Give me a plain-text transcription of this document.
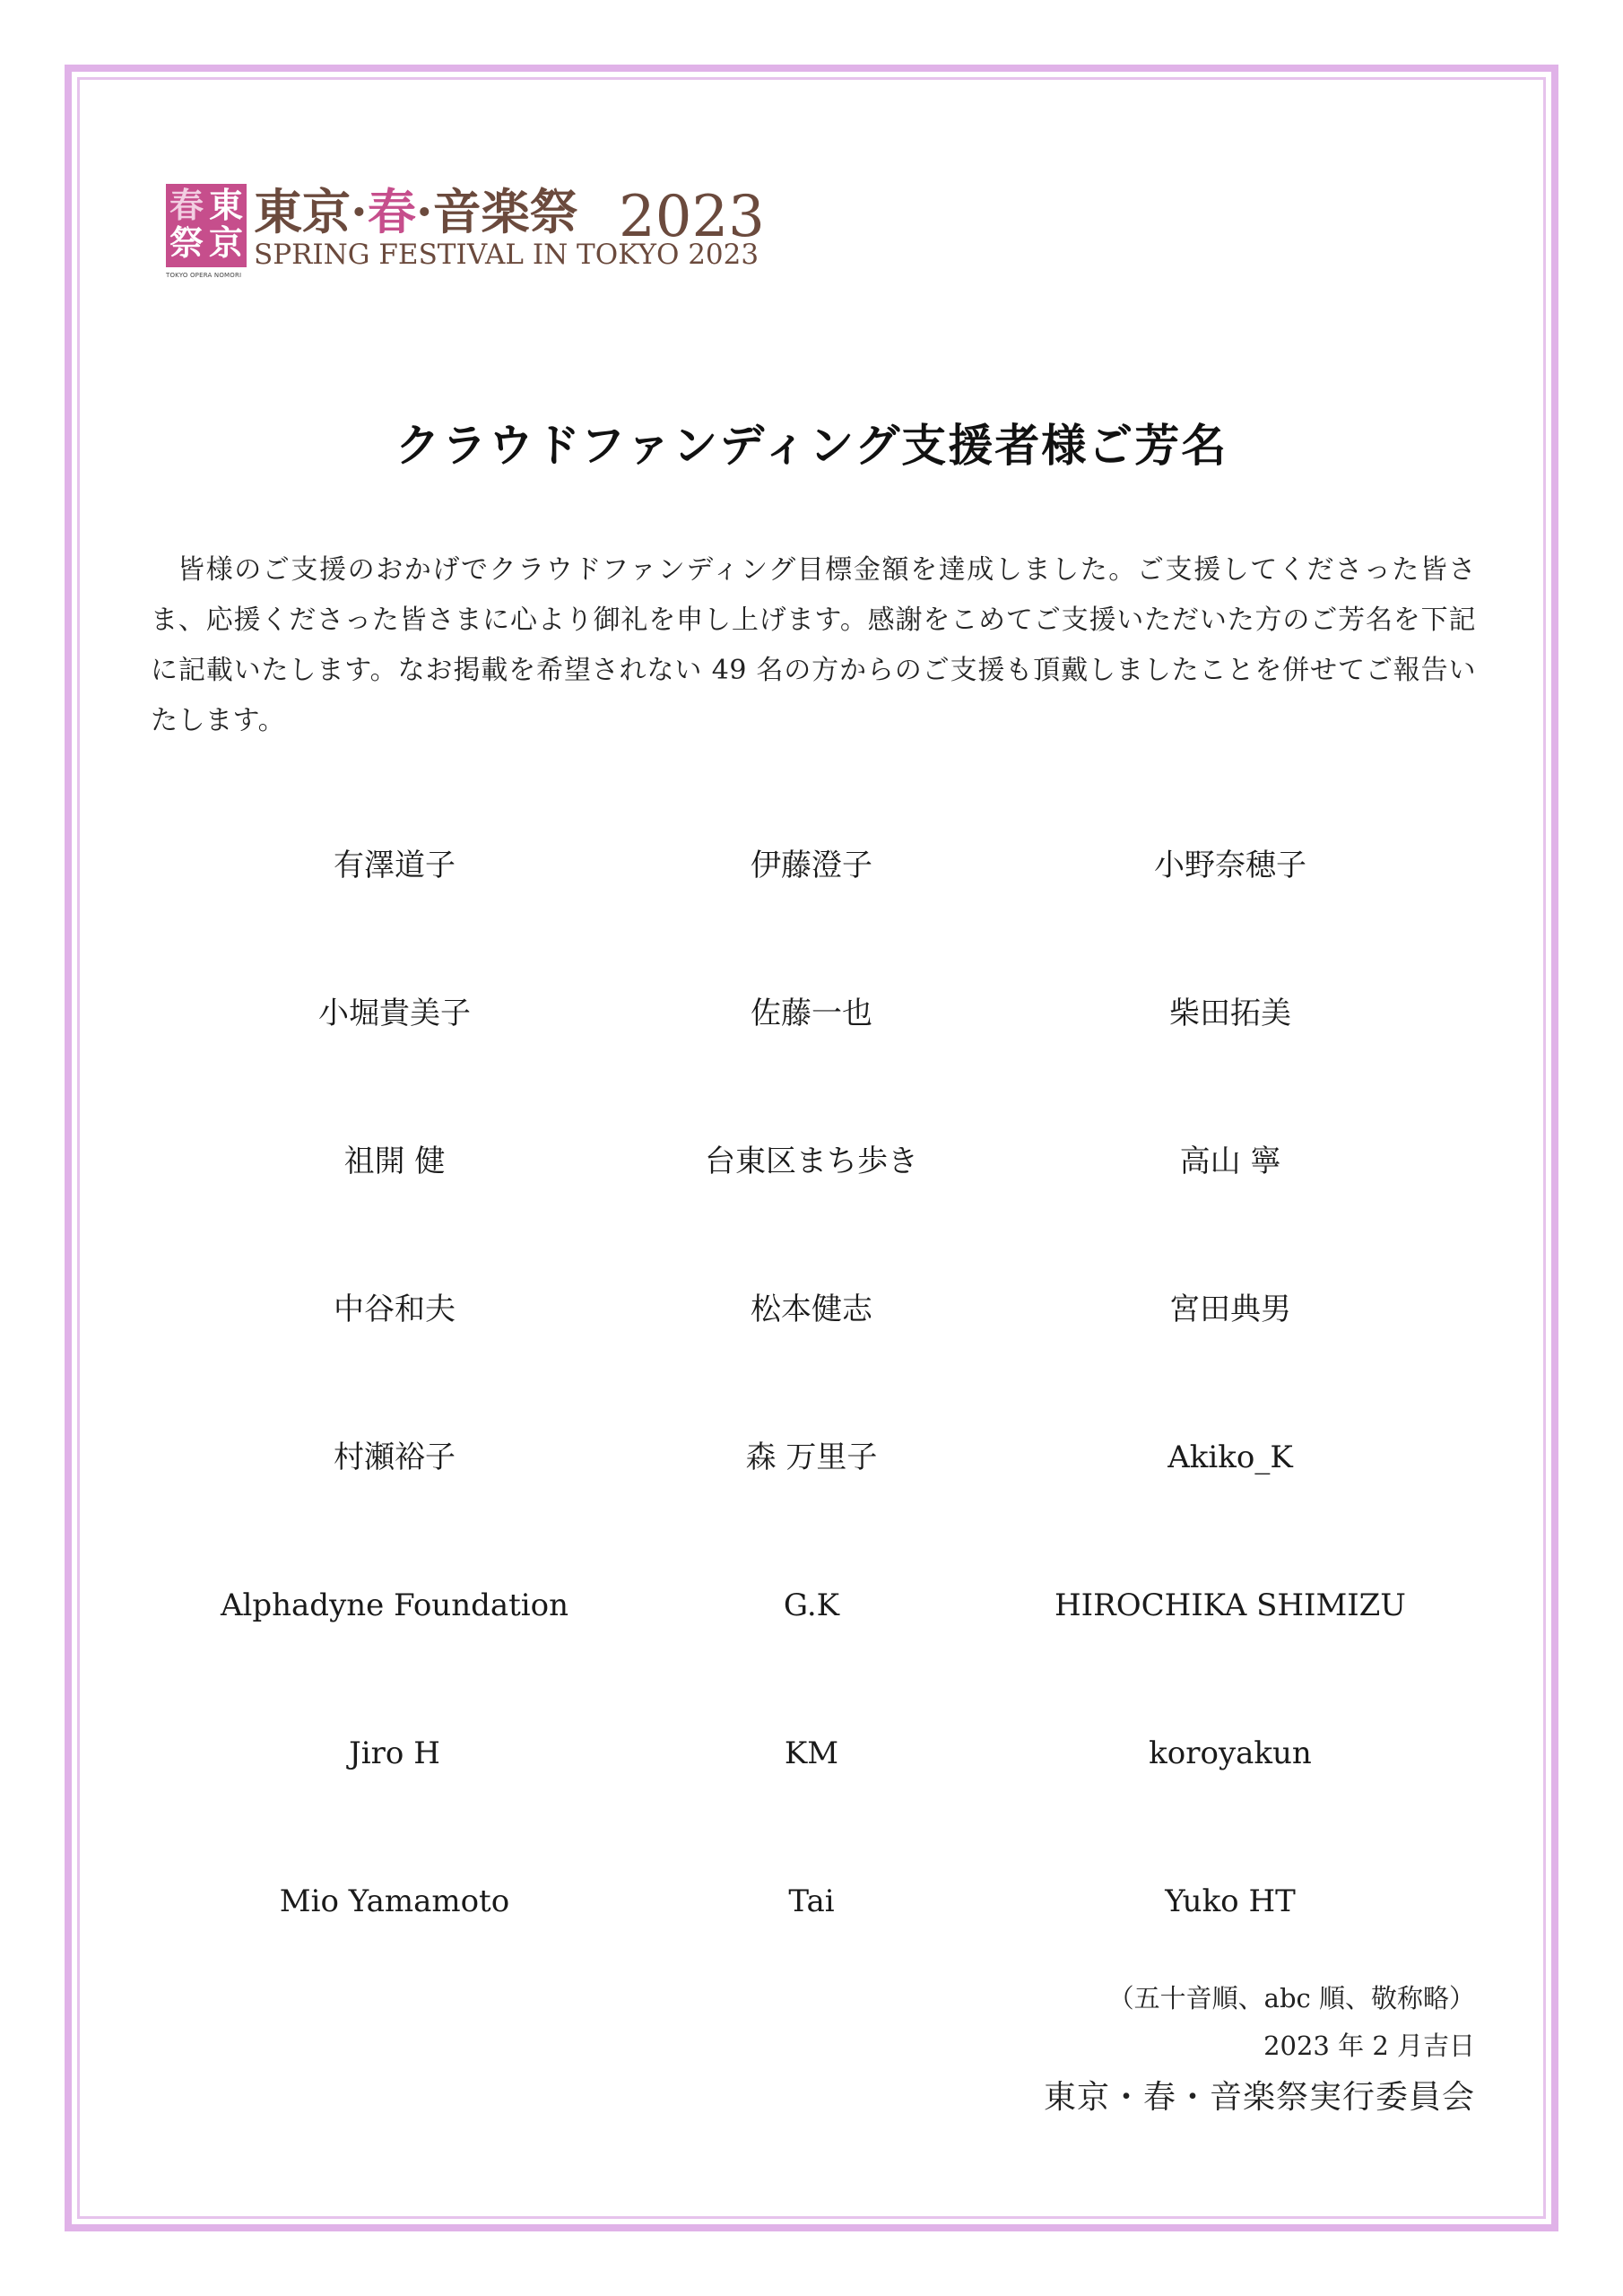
東
京
春
祭
TOKYO OPERA NOMORI
東京·春·音楽祭 2023
SPRING FESTIVAL IN TOKYO 2023
クラウドファンディング支援者様ご芳名
皆様のご支援のおかげでクラウドファンディング目標金額を達成しました。ご支援してくださった皆さま、応援くださった皆さまに心より御礼を申し上げます。感謝をこめてご支援いただいた方のご芳名を下記に記載いたします。なお掲載を希望されない 49 名の方からのご支援も頂戴しましたことを併せてご報告いたします。
有澤道子	伊藤澄子	小野奈穂子
小堀貴美子	佐藤一也	柴田拓美
祖開 健	台東区まち歩き	高山 寧
中谷和夫	松本健志	宮田典男
村瀬裕子	森 万里子	Akiko_K
Alphadyne Foundation	G.K	HIROCHIKA SHIMIZU
Jiro H	KM	koroyakun
Mio Yamamoto	Tai	Yuko HT
（五十音順、abc 順、敬称略）
2023 年 2 月吉日
東京・春・音楽祭実行委員会
